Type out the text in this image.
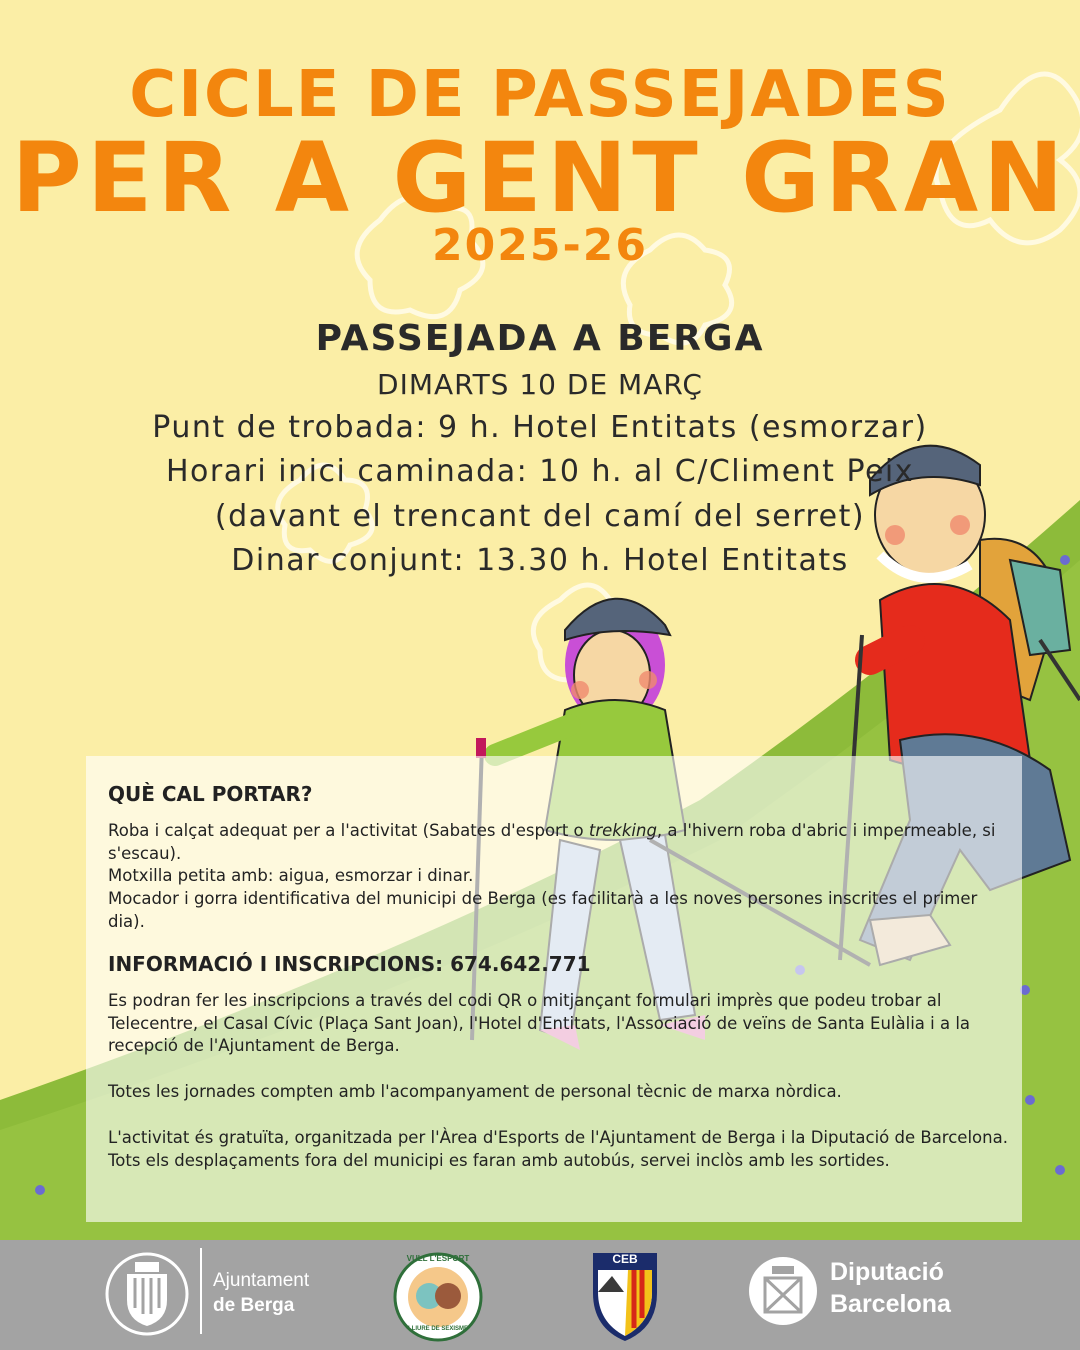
CICLE DE PASSEJADES
PER A GENT GRAN
2025-26
PASSEJADA A BERGA
DIMARTS 10 DE MARÇ
Punt de trobada: 9 h. Hotel Entitats (esmorzar)
Horari inici caminada: 10 h. al C/Climent Peix
(davant el trencant del camí del serret)
Dinar conjunt: 13.30 h. Hotel Entitats
QUÈ CAL PORTAR?
Roba i calçat adequat per a l'activitat (Sabates d'esport o trekking, a l'hivern roba d'abric i impermeable, si s'escau).
Motxilla petita amb: aigua, esmorzar i dinar.
Mocador i gorra identificativa del municipi de Berga (es facilitarà a les noves persones inscrites el primer dia).
INFORMACIÓ I INSCRIPCIONS: 674.642.771
Es podran fer les inscripcions a través del codi QR o mitjançant formulari imprès que podeu trobar al Telecentre, el Casal Cívic (Plaça Sant Joan), l'Hotel d'Entitats, l'Associació de veïns de Santa Eulàlia i a la recepció de l'Ajuntament de Berga.
Totes les jornades compten amb l'acompanyament de personal tècnic de marxa nòrdica.
L'activitat és gratuïta, organitzada per l'Àrea d'Esports de l'Ajuntament de Berga i la Diputació de Barcelona. Tots els desplaçaments fora del municipi es faran amb autobús, servei inclòs amb les sortides.
Ajuntament
de Berga
VULL L'ESPORT
LLIURE DE SEXISME
CEB	Diputació
Barcelona
